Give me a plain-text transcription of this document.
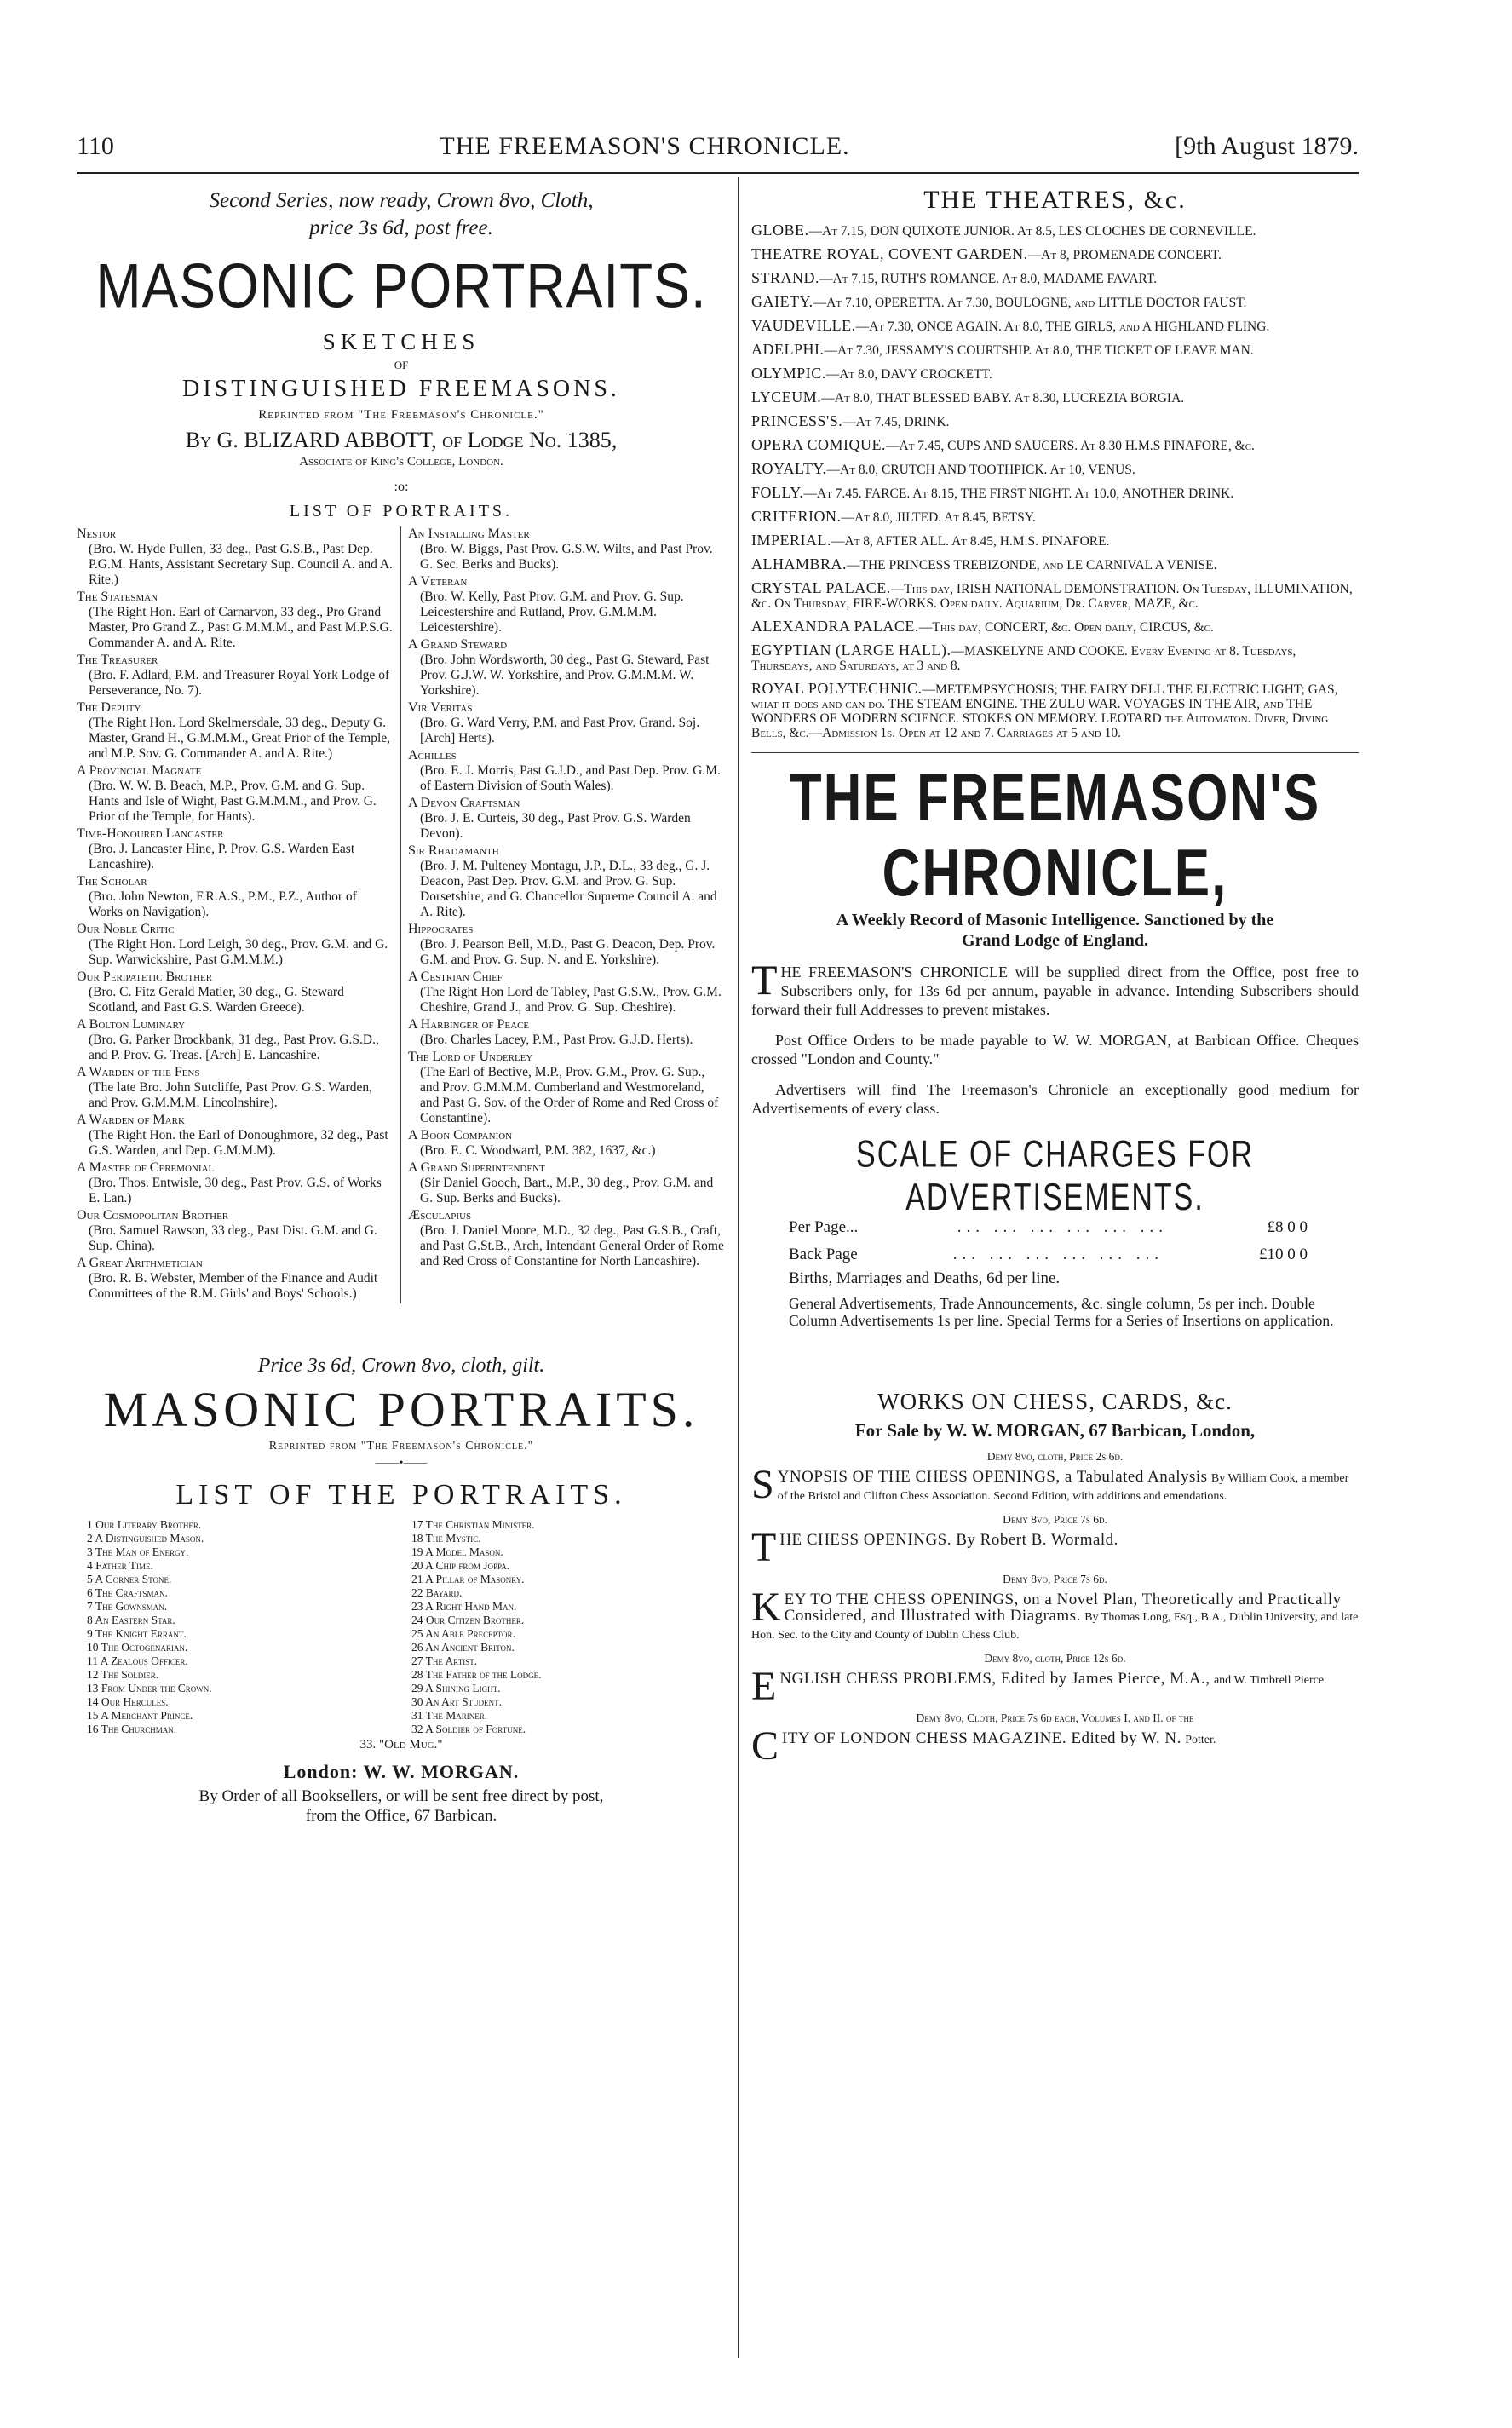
110	THE FREEMASON'S CHRONICLE.	[9th August 1879.
Second Series, now ready, Crown 8vo, Cloth,
price 3s 6d, post free.
MASONIC PORTRAITS.
SKETCHES
OF
DISTINGUISHED FREEMASONS.
Reprinted from "The Freemason's Chronicle."
By G. BLIZARD ABBOTT, of Lodge No. 1385,
Associate of King's College, London.
:o:
LIST OF PORTRAITS.
Nestor
(Bro. W. Hyde Pullen, 33 deg., Past G.S.B., Past Dep. P.G.M. Hants, Assistant Secretary Sup. Council A. and A. Rite.)
The Statesman
(The Right Hon. Earl of Carnarvon, 33 deg., Pro Grand Master, Pro Grand Z., Past G.M.M.M., and Past M.P.S.G. Commander A. and A. Rite.
The Treasurer
(Bro. F. Adlard, P.M. and Treasurer Royal York Lodge of Perseverance, No. 7).
The Deputy
(The Right Hon. Lord Skelmersdale, 33 deg., Deputy G. Master, Grand H., G.M.M.M., Great Prior of the Temple, and M.P. Sov. G. Commander A. and A. Rite.)
A Provincial Magnate
(Bro. W. W. B. Beach, M.P., Prov. G.M. and G. Sup. Hants and Isle of Wight, Past G.M.M.M., and Prov. G. Prior of the Temple, for Hants).
Time-Honoured Lancaster
(Bro. J. Lancaster Hine, P. Prov. G.S. Warden East Lancashire).
The Scholar
(Bro. John Newton, F.R.A.S., P.M., P.Z., Author of Works on Navigation).
Our Noble Critic
(The Right Hon. Lord Leigh, 30 deg., Prov. G.M. and G. Sup. Warwickshire, Past G.M.M.M.)
Our Peripatetic Brother
(Bro. C. Fitz Gerald Matier, 30 deg., G. Steward Scotland, and Past G.S. Warden Greece).
A Bolton Luminary
(Bro. G. Parker Brockbank, 31 deg., Past Prov. G.S.D., and P. Prov. G. Treas. [Arch] E. Lancashire.
A Warden of the Fens
(The late Bro. John Sutcliffe, Past Prov. G.S. Warden, and Prov. G.M.M.M. Lincolnshire).
A Warden of Mark
(The Right Hon. the Earl of Donoughmore, 32 deg., Past G.S. Warden, and Dep. G.M.M.M).
A Master of Ceremonial
(Bro. Thos. Entwisle, 30 deg., Past Prov. G.S. of Works E. Lan.)
Our Cosmopolitan Brother
(Bro. Samuel Rawson, 33 deg., Past Dist. G.M. and G. Sup. China).
A Great Arithmetician
(Bro. R. B. Webster, Member of the Finance and Audit Committees of the R.M. Girls' and Boys' Schools.)
An Installing Master
(Bro. W. Biggs, Past Prov. G.S.W. Wilts, and Past Prov. G. Sec. Berks and Bucks).
A Veteran
(Bro. W. Kelly, Past Prov. G.M. and Prov. G. Sup. Leicestershire and Rutland, Prov. G.M.M.M. Leicestershire).
A Grand Steward
(Bro. John Wordsworth, 30 deg., Past G. Steward, Past Prov. G.J.W. W. Yorkshire, and Prov. G.M.M.M. W. Yorkshire).
Vir Veritas
(Bro. G. Ward Verry, P.M. and Past Prov. Grand. Soj. [Arch] Herts).
Achilles
(Bro. E. J. Morris, Past G.J.D., and Past Dep. Prov. G.M. of Eastern Division of South Wales).
A Devon Craftsman
(Bro. J. E. Curteis, 30 deg., Past Prov. G.S. Warden Devon).
Sir Rhadamanth
(Bro. J. M. Pulteney Montagu, J.P., D.L., 33 deg., G. J. Deacon, Past Dep. Prov. G.M. and Prov. G. Sup. Dorsetshire, and G. Chancellor Supreme Council A. and A. Rite).
Hippocrates
(Bro. J. Pearson Bell, M.D., Past G. Deacon, Dep. Prov. G.M. and Prov. G. Sup. N. and E. Yorkshire).
A Cestrian Chief
(The Right Hon Lord de Tabley, Past G.S.W., Prov. G.M. Cheshire, Grand J., and Prov. G. Sup. Cheshire).
A Harbinger of Peace
(Bro. Charles Lacey, P.M., Past Prov. G.J.D. Herts).
The Lord of Underley
(The Earl of Bective, M.P., Prov. G.M., Prov. G. Sup., and Prov. G.M.M.M. Cumberland and Westmoreland, and Past G. Sov. of the Order of Rome and Red Cross of Constantine).
A Boon Companion
(Bro. E. C. Woodward, P.M. 382, 1637, &c.)
A Grand Superintendent
(Sir Daniel Gooch, Bart., M.P., 30 deg., Prov. G.M. and G. Sup. Berks and Bucks).
Æsculapius
(Bro. J. Daniel Moore, M.D., 32 deg., Past G.S.B., Craft, and Past G.St.B., Arch, Intendant General Order of Rome and Red Cross of Constantine for North Lancashire).
Price 3s 6d, Crown 8vo, cloth, gilt.
MASONIC PORTRAITS.
Reprinted from "The Freemason's Chronicle."
——•——
LIST OF THE PORTRAITS.
1 Our Literary Brother.
2 A Distinguished Mason.
3 The Man of Energy.
4 Father Time.
5 A Corner Stone.
6 The Craftsman.
7 The Gownsman.
8 An Eastern Star.
9 The Knight Errant.
10 The Octogenarian.
11 A Zealous Officer.
12 The Soldier.
13 From Under the Crown.
14 Our Hercules.
15 A Merchant Prince.
16 The Churchman.
17 The Christian Minister.
18 The Mystic.
19 A Model Mason.
20 A Chip from Joppa.
21 A Pillar of Masonry.
22 Bayard.
23 A Right Hand Man.
24 Our Citizen Brother.
25 An Able Preceptor.
26 An Ancient Briton.
27 The Artist.
28 The Father of the Lodge.
29 A Shining Light.
30 An Art Student.
31 The Mariner.
32 A Soldier of Fortune.
33. "Old Mug."
London: W. W. MORGAN.
By Order of all Booksellers, or will be sent free direct by post,
from the Office, 67 Barbican.
THE THEATRES, &c.
GLOBE.—At 7.15, DON QUIXOTE JUNIOR. At 8.5, LES CLOCHES DE CORNEVILLE.
THEATRE ROYAL, COVENT GARDEN.—At 8, PROMENADE CONCERT.
STRAND.—At 7.15, RUTH'S ROMANCE. At 8.0, MADAME FAVART.
GAIETY.—At 7.10, OPERETTA. At 7.30, BOULOGNE, and LITTLE DOCTOR FAUST.
VAUDEVILLE.—At 7.30, ONCE AGAIN. At 8.0, THE GIRLS, and A HIGHLAND FLING.
ADELPHI.—At 7.30, JESSAMY'S COURTSHIP. At 8.0, THE TICKET OF LEAVE MAN.
OLYMPIC.—At 8.0, DAVY CROCKETT.
LYCEUM.—At 8.0, THAT BLESSED BABY. At 8.30, LUCREZIA BORGIA.
PRINCESS'S.—At 7.45, DRINK.
OPERA COMIQUE.—At 7.45, CUPS AND SAUCERS. At 8.30 H.M.S PINAFORE, &c.
ROYALTY.—At 8.0, CRUTCH AND TOOTHPICK. At 10, VENUS.
FOLLY.—At 7.45. FARCE. At 8.15, THE FIRST NIGHT. At 10.0, ANOTHER DRINK.
CRITERION.—At 8.0, JILTED. At 8.45, BETSY.
IMPERIAL.—At 8, AFTER ALL. At 8.45, H.M.S. PINAFORE.
ALHAMBRA.—THE PRINCESS TREBIZONDE, and LE CARNIVAL A VENISE.
CRYSTAL PALACE.—This day, IRISH NATIONAL DEMONSTRATION. On Tuesday, ILLUMINATION, &c. On Thursday, FIRE-WORKS. Open daily. Aquarium, Dr. Carver, MAZE, &c.
ALEXANDRA PALACE.—This day, CONCERT, &c. Open daily, CIRCUS, &c.
EGYPTIAN (LARGE HALL).—MASKELYNE AND COOKE. Every Evening at 8. Tuesdays, Thursdays, and Saturdays, at 3 and 8.
ROYAL POLYTECHNIC.—METEMPSYCHOSIS; THE FAIRY DELL THE ELECTRIC LIGHT; GAS, what it does and can do. THE STEAM ENGINE. THE ZULU WAR. VOYAGES IN THE AIR, and THE WONDERS OF MODERN SCIENCE. STOKES ON MEMORY. LEOTARD the Automaton. Diver, Diving Bells, &c.—Admission 1s. Open at 12 and 7. Carriages at 5 and 10.
THE FREEMASON'S CHRONICLE,
A Weekly Record of Masonic Intelligence. Sanctioned by the
Grand Lodge of England.
T HE FREEMASON'S CHRONICLE will be supplied direct from the Office, post free to Subscribers only, for 13s 6d per annum, payable in advance. Intending Subscribers should forward their full Addresses to prevent mistakes.
Post Office Orders to be made payable to W. W. MORGAN, at Barbican Office. Cheques crossed "London and County."
Advertisers will find The Freemason's Chronicle an exceptionally good medium for Advertisements of every class.
SCALE OF CHARGES FOR ADVERTISEMENTS.
Per Page...	... ... ... ... ... ...	£8 0 0
Back Page	... ... ... ... ... ...	£10 0 0
Births, Marriages and Deaths, 6d per line.
General Advertisements, Trade Announcements, &c. single column, 5s per inch. Double Column Advertisements 1s per line. Special Terms for a Series of Insertions on application.
WORKS ON CHESS, CARDS, &c.
For Sale by W. W. MORGAN, 67 Barbican, London,
Demy 8vo, cloth, Price 2s 6d.
SYNOPSIS OF THE CHESS OPENINGS, a Tabulated Analysis By William Cook, a member of the Bristol and Clifton Chess Association. Second Edition, with additions and emendations.
Demy 8vo, Price 7s 6d.
THE CHESS OPENINGS. By Robert B. Wormald.
Demy 8vo, Price 7s 6d.
KEY TO THE CHESS OPENINGS, on a Novel Plan, Theoretically and Practically Considered, and Illustrated with Diagrams. By Thomas Long, Esq., B.A., Dublin University, and late Hon. Sec. to the City and County of Dublin Chess Club.
Demy 8vo, cloth, Price 12s 6d.
ENGLISH CHESS PROBLEMS, Edited by James Pierce, M.A., and W. Timbrell Pierce.
Demy 8vo, Cloth, Price 7s 6d each, Volumes I. and II. of the
CITY OF LONDON CHESS MAGAZINE. Edited by W. N. Potter.
